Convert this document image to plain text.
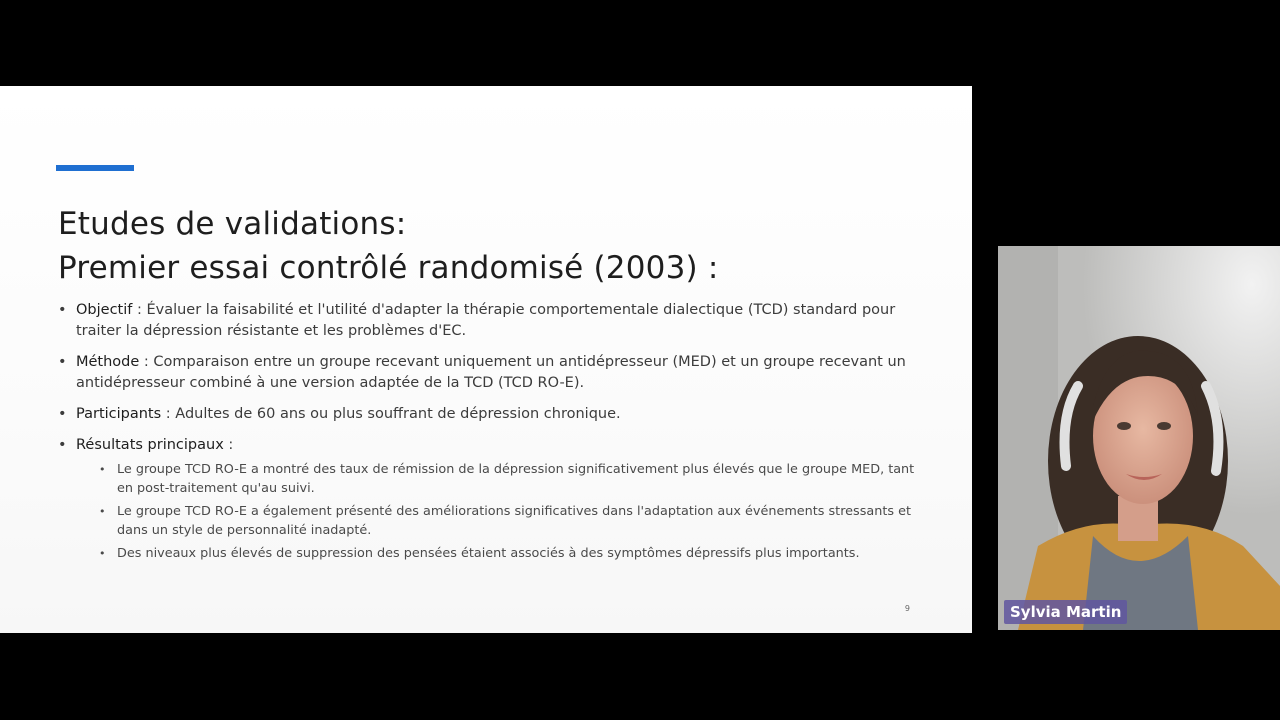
Etudes de validations:
Premier essai contrôlé randomisé (2003) :
• Objectif : Évaluer la faisabilité et l'utilité d'adapter la thérapie comportementale dialectique (TCD) standard pour traiter la dépression résistante et les problèmes d'EC.
• Méthode : Comparaison entre un groupe recevant uniquement un antidépresseur (MED) et un groupe recevant un antidépresseur combiné à une version adaptée de la TCD (TCD RO-E).
• Participants : Adultes de 60 ans ou plus souffrant de dépression chronique.
• Résultats principaux :
• Le groupe TCD RO-E a montré des taux de rémission de la dépression significativement plus élevés que le groupe MED, tant en post-traitement qu'au suivi.
• Le groupe TCD RO-E a également présenté des améliorations significatives dans l'adaptation aux événements stressants et dans un style de personnalité inadapté.
• Des niveaux plus élevés de suppression des pensées étaient associés à des symptômes dépressifs plus importants.
9	Sylvia Martin
